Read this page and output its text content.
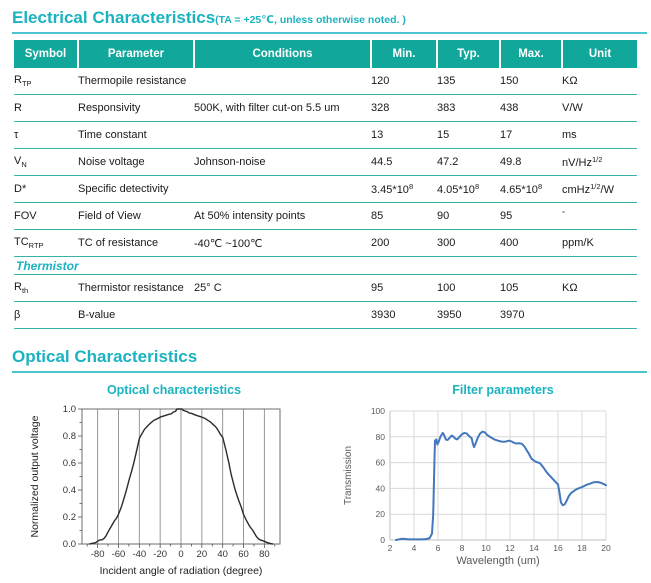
Electrical Characteristics(TA = +25℃, unless otherwise noted. )
Symbol	Parameter	Conditions	Min.	Typ.	Max.	Unit
$R_{TP}$	Thermopile resistance		120	135	150	KΩ
R	Responsivity	500K, with filter cut-on 5.5 um	328	383	438	V/W
τ	Time constant		13	15	17	ms
$V_N$	Noise voltage	Johnson-noise	44.5	47.2	49.8	$nV/Hz^{1/2}$
D*	Specific detectivity		$3.45*10^8$	$4.05*10^8$	$4.65*10^8$	cmHz$^{1/2}$/W
FOV	Field of View	At 50% intensity points	85	90	95	°
$TC_{RTP}$	TC of resistance	-40℃ ~100℃	200	300	400	ppm/K
Thermistor						
$R_{th}$	Thermistor resistance	25° C	95	100	105	KΩ
β	B-value		3930	3950	3970	
Optical Characteristics
Optical characteristics
-80 -60 -40 -20 0 20 40 60 80
0.0
0.2
0.4
0.6
0.8
1.0
Incident angle of radiation (degree)
Normalized output voltage
Filter parameters
2 4 6 8 10 12 14 16 18 20
0
20
40
60
80
100
Wavelength (um)
Transmission
